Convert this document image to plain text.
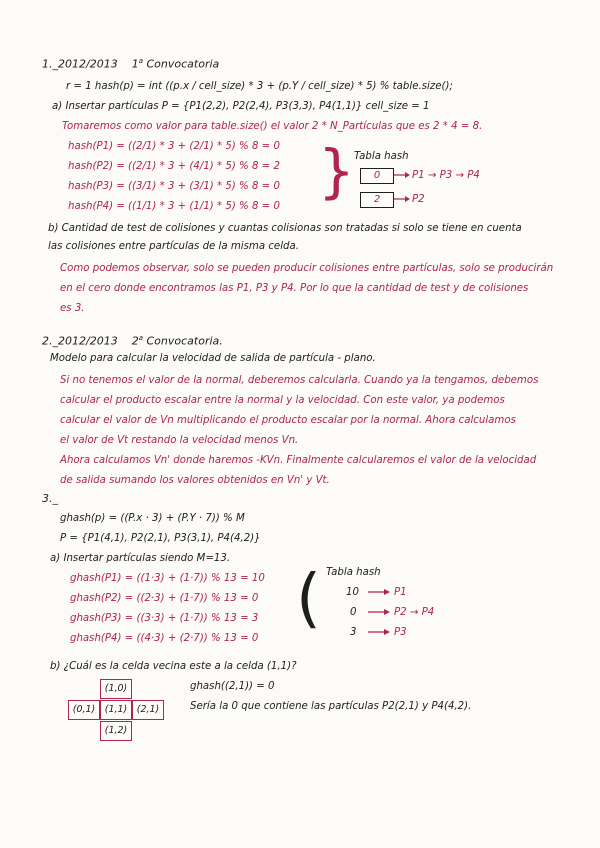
1._2012/2013 1$^a$ Convocatoria
r = 1 hash(p) = int ((p.x / cell_size) * 3 + (p.Y / cell_size) * 5) % table.size();
a) Insertar partículas P = {P1(2,2), P2(2,4), P3(3,3), P4(1,1)} cell_size = 1
Tomaremos como valor para table.size() el valor 2 * N_Partículas que es 2 * 4 = 8.
hash(P1) = ((2/1) * 3 + (2/1) * 5) % 8 = 0
hash(P2) = ((2/1) * 3 + (4/1) * 5) % 8 = 2
hash(P3) = ((3/1) * 3 + (3/1) * 5) % 8 = 0
hash(P4) = ((1/1) * 3 + (1/1) * 5) % 8 = 0
} Tabla hash
0	P1 → P3 → P4
2	P2
b) Cantidad de test de colisiones y cuantas colisionas son tratadas si solo se tiene en cuenta
las colisiones entre partículas de la misma celda.
Como podemos observar, solo se pueden producir colisiones entre partículas, solo se producirán
en el cero donde encontramos las P1, P3 y P4. Por lo que la cantidad de test y de colisiones
es 3.
2._2012/2013 2$^a$ Convocatoria.
Modelo para calcular la velocidad de salida de partícula - plano.
Si no tenemos el valor de la normal, deberemos calcularla. Cuando ya la tengamos, debemos
calcular el producto escalar entre la normal y la velocidad. Con este valor, ya podemos
calcular el valor de Vn multiplicando el producto escalar por la normal. Ahora calculamos
el valor de Vt restando la velocidad menos Vn.
Ahora calculamos Vn' donde haremos -KVn. Finalmente calcularemos el valor de la velocidad
de salida sumando los valores obtenidos en Vn' y Vt.
3._
ghash(p) = ((P.x · 3) + (P.Y · 7)) % M
P = {P1(4,1), P2(2,1), P3(3,1), P4(4,2)}
a) Insertar partículas siendo M=13.
ghash(P1) = ((1·3) + (1·7)) % 13 = 10
ghash(P2) = ((2·3) + (1·7)) % 13 = 0
ghash(P3) = ((3·3) + (1·7)) % 13 = 3
ghash(P4) = ((4·3) + (2·7)) % 13 = 0
( Tabla hash
10	P1
0	P2 → P4
3	P3
b) ¿Cuál es la celda vecina este a la celda (1,1)?
(1,0)
(0,1) (1,1) (2,1)
(1,2)
ghash((2,1)) = 0
Sería la 0 que contiene las partículas P2(2,1) y P4(4,2).
